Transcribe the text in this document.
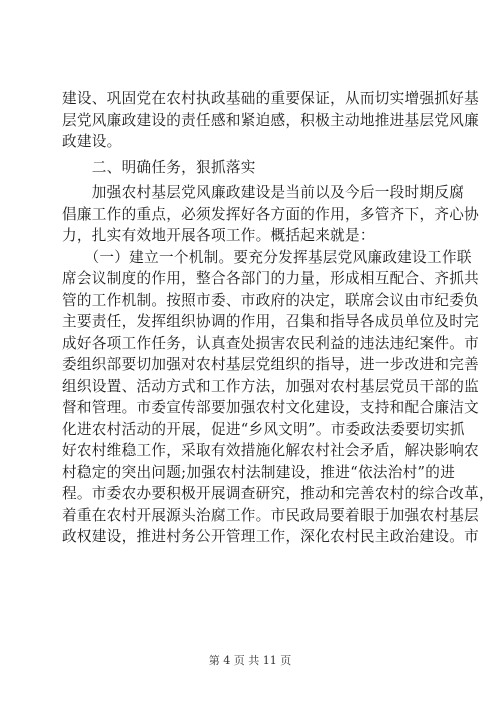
建设、巩固党在农村执政基础的重要保证，从而切实增强抓好基
层党风廉政建设的责任感和紧迫感，积极主动地推进基层党风廉
政建设。
　　二、明确任务，狠抓落实
　　加强农村基层党风廉政建设是当前以及今后一段时期反腐
倡廉工作的重点，必须发挥好各方面的作用，多管齐下，齐心协
力，扎实有效地开展各项工作。概括起来就是：
　　（一）建立一个机制。要充分发挥基层党风廉政建设工作联
席会议制度的作用，整合各部门的力量，形成相互配合、齐抓共
管的工作机制。按照市委、市政府的决定，联席会议由市纪委负
主要责任，发挥组织协调的作用，召集和指导各成员单位及时完
成好各项工作任务，认真查处损害农民利益的违法违纪案件。市
委组织部要切加强对农村基层党组织的指导，进一步改进和完善
组织设置、活动方式和工作方法，加强对农村基层党员干部的监
督和管理。市委宣传部要加强农村文化建设，支持和配合廉洁文
化进农村活动的开展，促进“乡风文明”。市委政法委要切实抓
好农村维稳工作，采取有效措施化解农村社会矛盾，解决影响农
村稳定的突出问题;加强农村法制建设，推进“依法治村”的进
程。市委农办要积极开展调查研究，推动和完善农村的综合改革，
着重在农村开展源头治腐工作。市民政局要着眼于加强农村基层
政权建设，推进村务公开管理工作，深化农村民主政治建设。市
第 4 页 共 11 页
